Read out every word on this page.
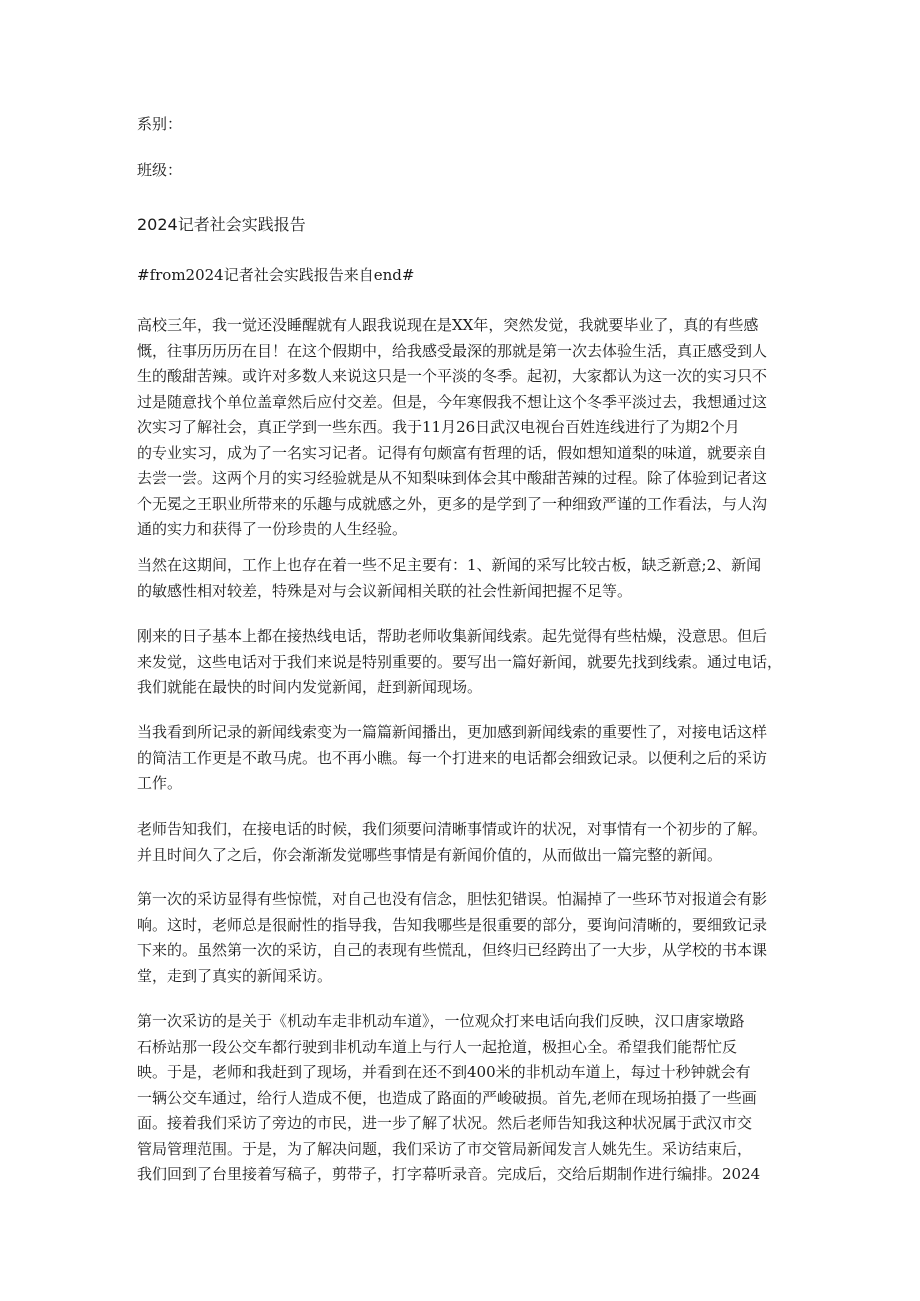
系别：
班级：
2024记者社会实践报告
#from2024记者社会实践报告来自end#
高校三年，我一觉还没睡醒就有人跟我说现在是XX年，突然发觉，我就要毕业了，真的有些感
慨，往事历历历在目！在这个假期中，给我感受最深的那就是第一次去体验生活，真正感受到人
生的酸甜苦辣。或许对多数人来说这只是一个平淡的冬季。起初，大家都认为这一次的实习只不
过是随意找个单位盖章然后应付交差。但是，今年寒假我不想让这个冬季平淡过去，我想通过这
次实习了解社会，真正学到一些东西。我于11月26日武汉电视台百姓连线进行了为期2个月
的专业实习，成为了一名实习记者。记得有句颇富有哲理的话，假如想知道梨的味道，就要亲自
去尝一尝。这两个月的实习经验就是从不知梨味到体会其中酸甜苦辣的过程。除了体验到记者这
个无冕之王职业所带来的乐趣与成就感之外，更多的是学到了一种细致严谨的工作看法，与人沟
通的实力和获得了一份珍贵的人生经验。
当然在这期间，工作上也存在着一些不足主要有：1、新闻的采写比较古板，缺乏新意;2、新闻
的敏感性相对较差，特殊是对与会议新闻相关联的社会性新闻把握不足等。
刚来的日子基本上都在接热线电话，帮助老师收集新闻线索。起先觉得有些枯燥，没意思。但后
来发觉，这些电话对于我们来说是特别重要的。要写出一篇好新闻，就要先找到线索。通过电话，
我们就能在最快的时间内发觉新闻，赶到新闻现场。
当我看到所记录的新闻线索变为一篇篇新闻播出，更加感到新闻线索的重要性了，对接电话这样
的简洁工作更是不敢马虎。也不再小瞧。每一个打进来的电话都会细致记录。以便利之后的采访
工作。
老师告知我们，在接电话的时候，我们须要问清晰事情或许的状况，对事情有一个初步的了解。
并且时间久了之后，你会渐渐发觉哪些事情是有新闻价值的，从而做出一篇完整的新闻。
第一次的采访显得有些惊慌，对自己也没有信念，胆怯犯错误。怕漏掉了一些环节对报道会有影
响。这时，老师总是很耐性的指导我，告知我哪些是很重要的部分，要询问清晰的，要细致记录
下来的。虽然第一次的采访，自己的表现有些慌乱，但终归已经跨出了一大步，从学校的书本课
堂，走到了真实的新闻采访。
第一次采访的是关于《机动车走非机动车道》，一位观众打来电话向我们反映，汉口唐家墩路
石桥站那一段公交车都行驶到非机动车道上与行人一起抢道，极担心全。希望我们能帮忙反
映。于是，老师和我赶到了现场，并看到在还不到400米的非机动车道上，每过十秒钟就会有
一辆公交车通过，给行人造成不便，也造成了路面的严峻破损。首先,老师在现场拍摄了一些画
面。接着我们采访了旁边的市民，进一步了解了状况。然后老师告知我这种状况属于武汉市交
管局管理范围。于是，为了解决问题，我们采访了市交管局新闻发言人姚先生。采访结束后，
我们回到了台里接着写稿子，剪带子，打字幕听录音。完成后，交给后期制作进行编排。2024
